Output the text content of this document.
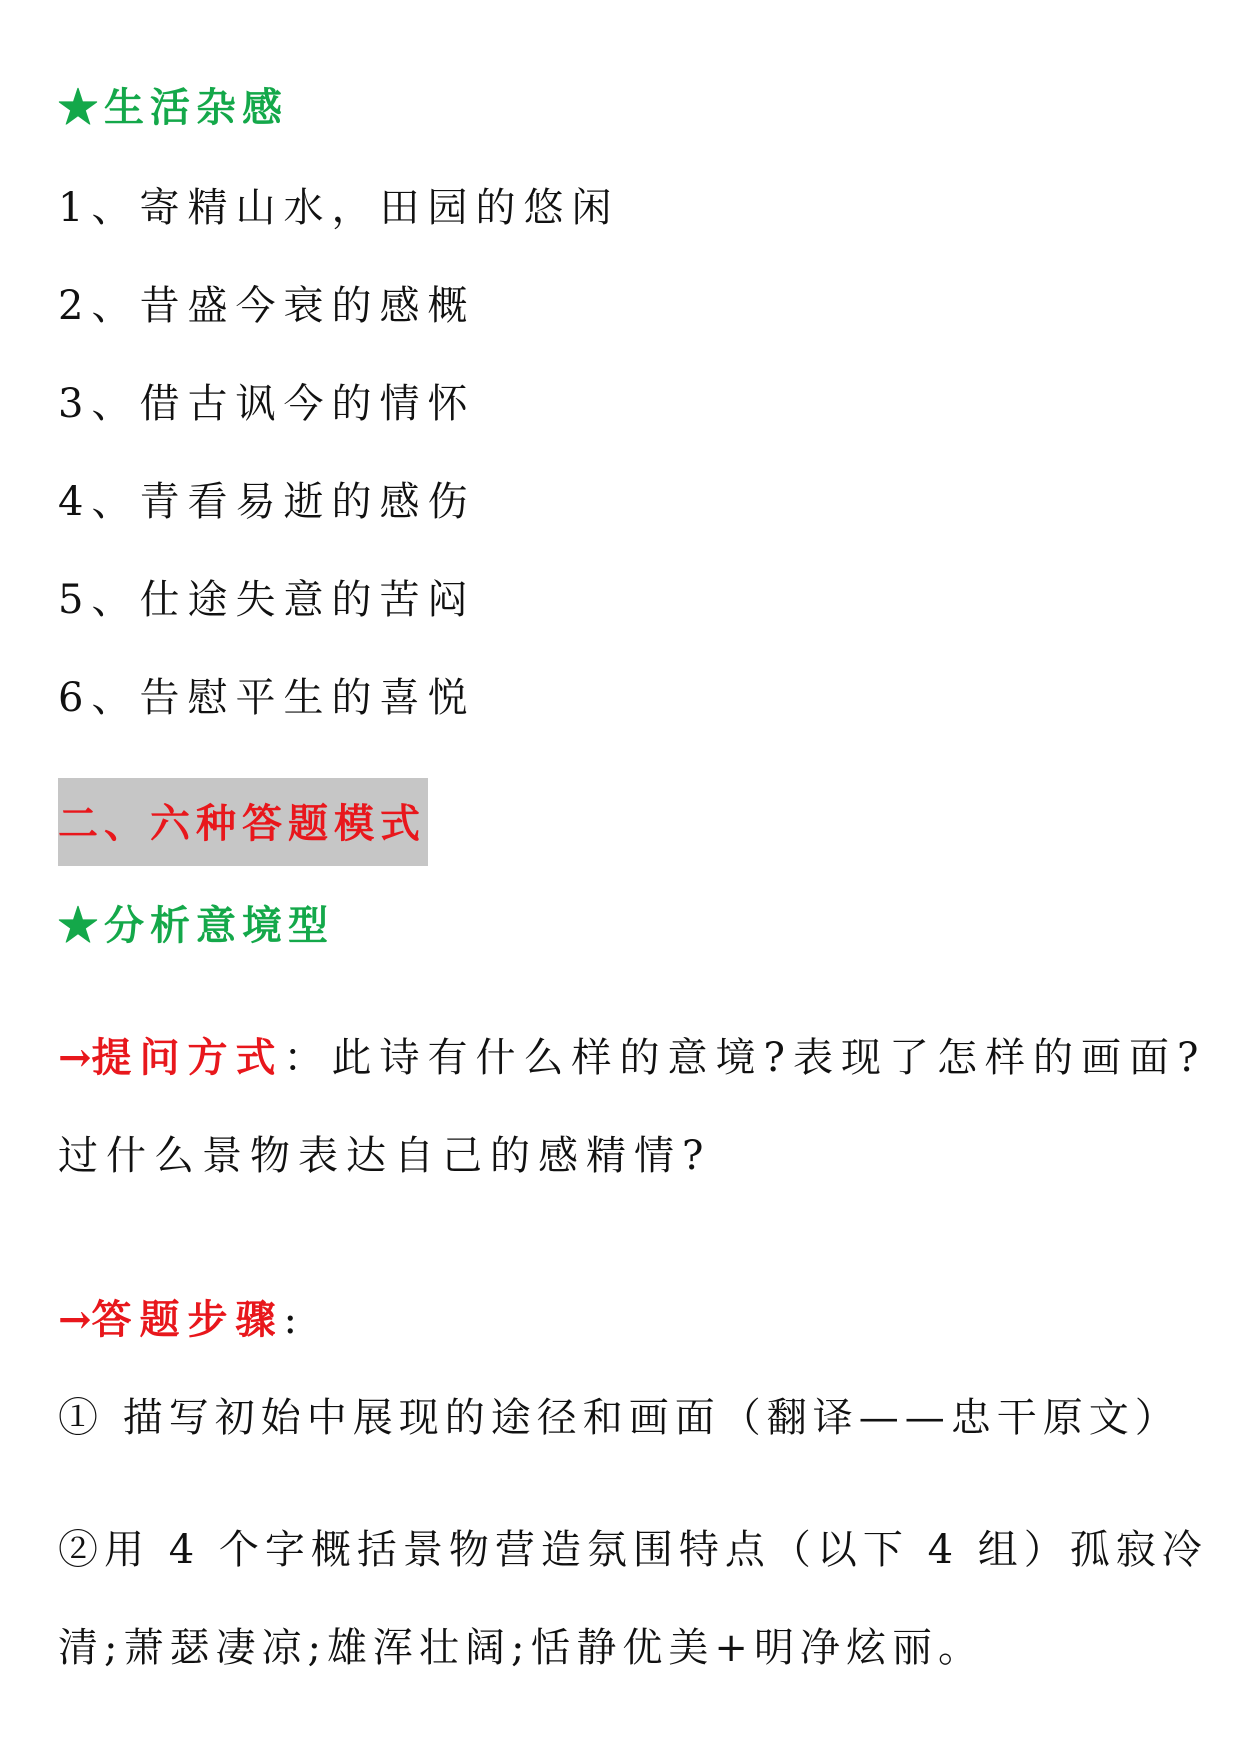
★生活杂感
1、寄精山水，田园的悠闲
2、昔盛今衰的感概
3、借古讽今的情怀
4、青看易逝的感伤
5、仕途失意的苦闷
6、告慰平生的喜悦
二、六种答题模式
★分析意境型
→提问方式：此诗有什么样的意境?表现了怎样的画面?
过什么景物表达自己的感精情?
→答题步骤:
① 描写初始中展现的途径和画面（翻译——忠干原文）
②用 4 个字概括景物营造氛围特点（以下 4 组）孤寂冷
清;萧瑟凄凉;雄浑壮阔;恬静优美+明净炫丽。
